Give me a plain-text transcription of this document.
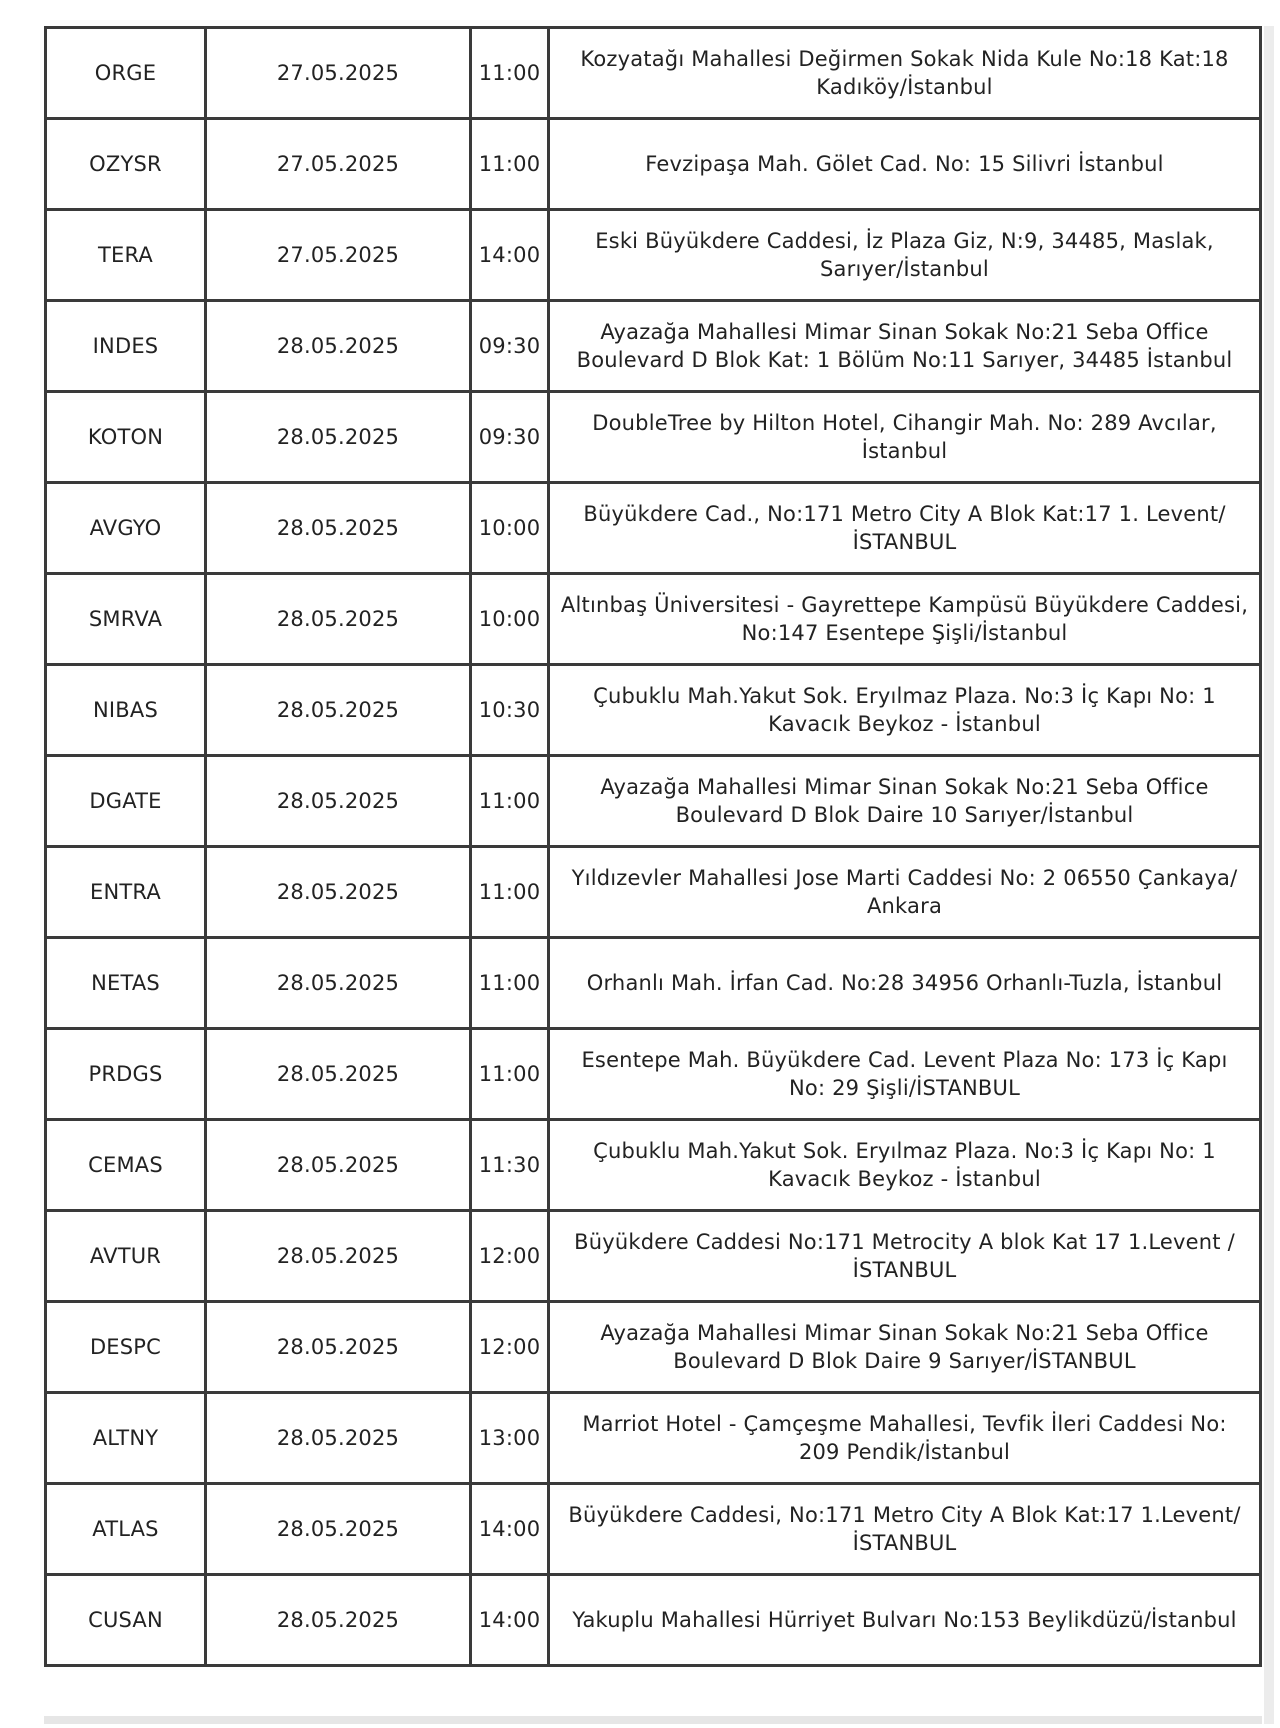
ORGE	27.05.2025	11:00	Kozyatağı Mahallesi Değirmen Sokak Nida Kule No:18 Kat:18 Kadıköy/İstanbul
OZYSR	27.05.2025	11:00	Fevzipaşa Mah. Gölet Cad. No: 15 Silivri İstanbul
TERA	27.05.2025	14:00	Eski Büyükdere Caddesi, İz Plaza Giz, N:9, 34485, Maslak, Sarıyer/İstanbul
INDES	28.05.2025	09:30	Ayazağa Mahallesi Mimar Sinan Sokak No:21 Seba Office Boulevard D Blok Kat: 1 Bölüm No:11 Sarıyer, 34485 İstanbul
KOTON	28.05.2025	09:30	DoubleTree by Hilton Hotel, Cihangir Mah. No: 289 Avcılar, İstanbul
AVGYO	28.05.2025	10:00	Büyükdere Cad., No:171 Metro City A Blok Kat:17 1. Levent/İSTANBUL
SMRVA	28.05.2025	10:00	Altınbaş Üniversitesi - Gayrettepe Kampüsü Büyükdere Caddesi, No:147 Esentepe Şişli/İstanbul
NIBAS	28.05.2025	10:30	Çubuklu Mah.Yakut Sok. Eryılmaz Plaza. No:3 İç Kapı No: 1 Kavacık Beykoz - İstanbul
DGATE	28.05.2025	11:00	Ayazağa Mahallesi Mimar Sinan Sokak No:21 Seba Office Boulevard D Blok Daire 10 Sarıyer/İstanbul
ENTRA	28.05.2025	11:00	Yıldızevler Mahallesi Jose Marti Caddesi No: 2 06550 Çankaya/ Ankara
NETAS	28.05.2025	11:00	Orhanlı Mah. İrfan Cad. No:28 34956 Orhanlı-Tuzla, İstanbul
PRDGS	28.05.2025	11:00	Esentepe Mah. Büyükdere Cad. Levent Plaza No: 173 İç Kapı No: 29 Şişli/İSTANBUL
CEMAS	28.05.2025	11:30	Çubuklu Mah.Yakut Sok. Eryılmaz Plaza. No:3 İç Kapı No: 1 Kavacık Beykoz - İstanbul
AVTUR	28.05.2025	12:00	Büyükdere Caddesi No:171 Metrocity A blok Kat 17 1.Levent /İSTANBUL
DESPC	28.05.2025	12:00	Ayazağa Mahallesi Mimar Sinan Sokak No:21 Seba Office Boulevard D Blok Daire 9 Sarıyer/İSTANBUL
ALTNY	28.05.2025	13:00	Marriot Hotel - Çamçeşme Mahallesi, Tevfik İleri Caddesi No: 209 Pendik/İstanbul
ATLAS	28.05.2025	14:00	Büyükdere Caddesi, No:171 Metro City A Blok Kat:17 1.Levent/İSTANBUL
CUSAN	28.05.2025	14:00	Yakuplu Mahallesi Hürriyet Bulvarı No:153 Beylikdüzü/İstanbul
